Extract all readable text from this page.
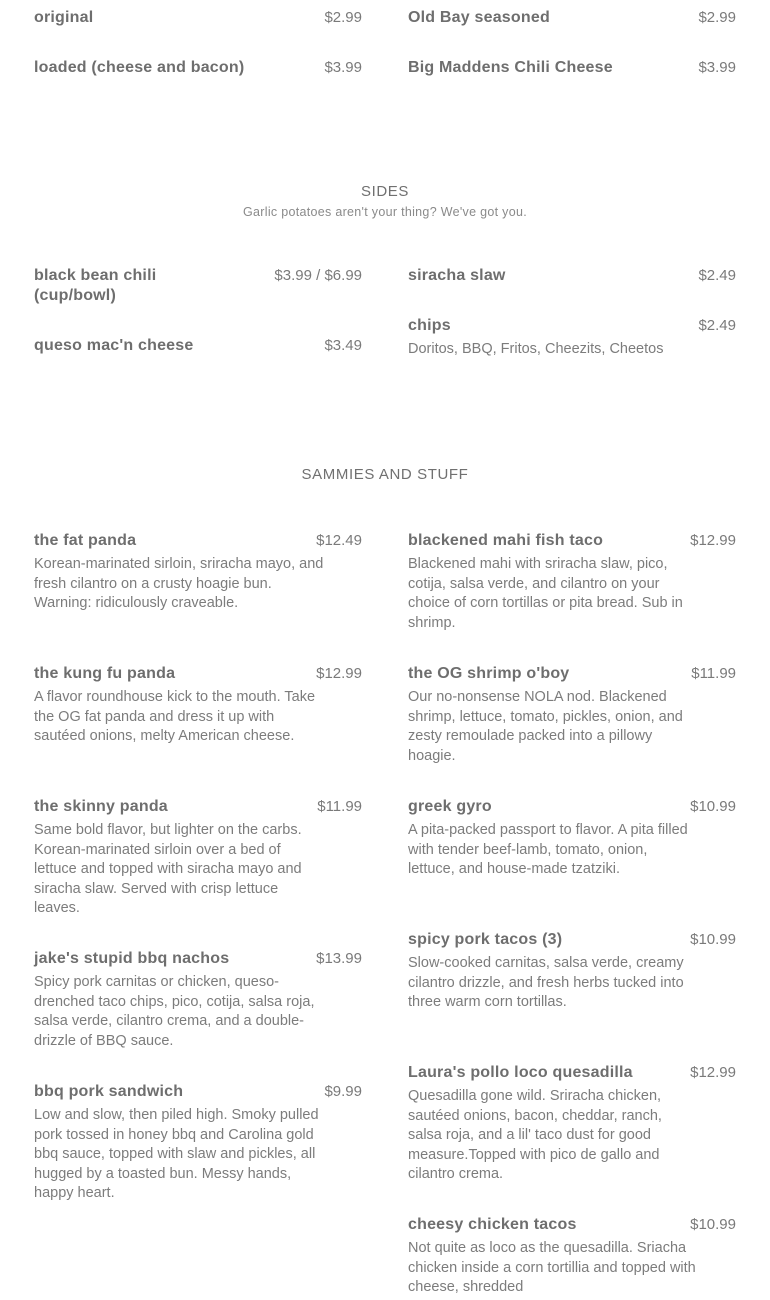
original	$2.99
loaded (cheese and bacon)	$3.99
Old Bay seasoned	$2.99
Big Maddens Chili Cheese	$3.99
SIDES
Garlic potatoes aren't your thing? We've got you.
black bean chili (cup/bowl)
$3.99 / $6.99
queso mac'n cheese	$3.49
siracha slaw	$2.49
chips	$2.49
Doritos, BBQ, Fritos, Cheezits, Cheetos
SAMMIES AND STUFF
the fat panda	$12.49
Korean-marinated sirloin, sriracha mayo, and fresh cilantro on a crusty hoagie bun. Warning: ridiculously craveable.
the kung fu panda	$12.99
A flavor roundhouse kick to the mouth. Take the OG fat panda and dress it up with sautéed onions, melty American cheese.
the skinny panda	$11.99
Same bold flavor, but lighter on the carbs. Korean-marinated sirloin over a bed of lettuce and topped with siracha mayo and siracha slaw. Served with crisp lettuce leaves.
jake's stupid bbq nachos	$13.99
Spicy pork carnitas or chicken, queso-drenched taco chips, pico, cotija, salsa roja, salsa verde, cilantro crema, and a double-drizzle of BBQ sauce.
bbq pork sandwich	$9.99
Low and slow, then piled high. Smoky pulled pork tossed in honey bbq and Carolina gold bbq sauce, topped with slaw and pickles, all hugged by a toasted bun. Messy hands, happy heart.
blackened mahi fish taco	$12.99
Blackened mahi with sriracha slaw, pico, cotija, salsa verde, and cilantro on your choice of corn tortillas or pita bread. Sub in shrimp.
the OG shrimp o'boy	$11.99
Our no-nonsense NOLA nod. Blackened shrimp, lettuce, tomato, pickles, onion, and zesty remoulade packed into a pillowy hoagie.
greek gyro	$10.99
A pita-packed passport to flavor. A pita filled with tender beef-lamb, tomato, onion, lettuce, and house-made tzatziki.
spicy pork tacos (3)	$10.99
Slow-cooked carnitas, salsa verde, creamy cilantro drizzle, and fresh herbs tucked into three warm corn tortillas.
Laura's pollo loco quesadilla	$12.99
Quesadilla gone wild. Sriracha chicken, sautéed onions, bacon, cheddar, ranch, salsa roja, and a lil' taco dust for good measure.Topped with pico de gallo and cilantro crema.
cheesy chicken tacos	$10.99
Not quite as loco as the quesadilla. Sriacha chicken inside a corn tortillia and topped with cheese, shredded
